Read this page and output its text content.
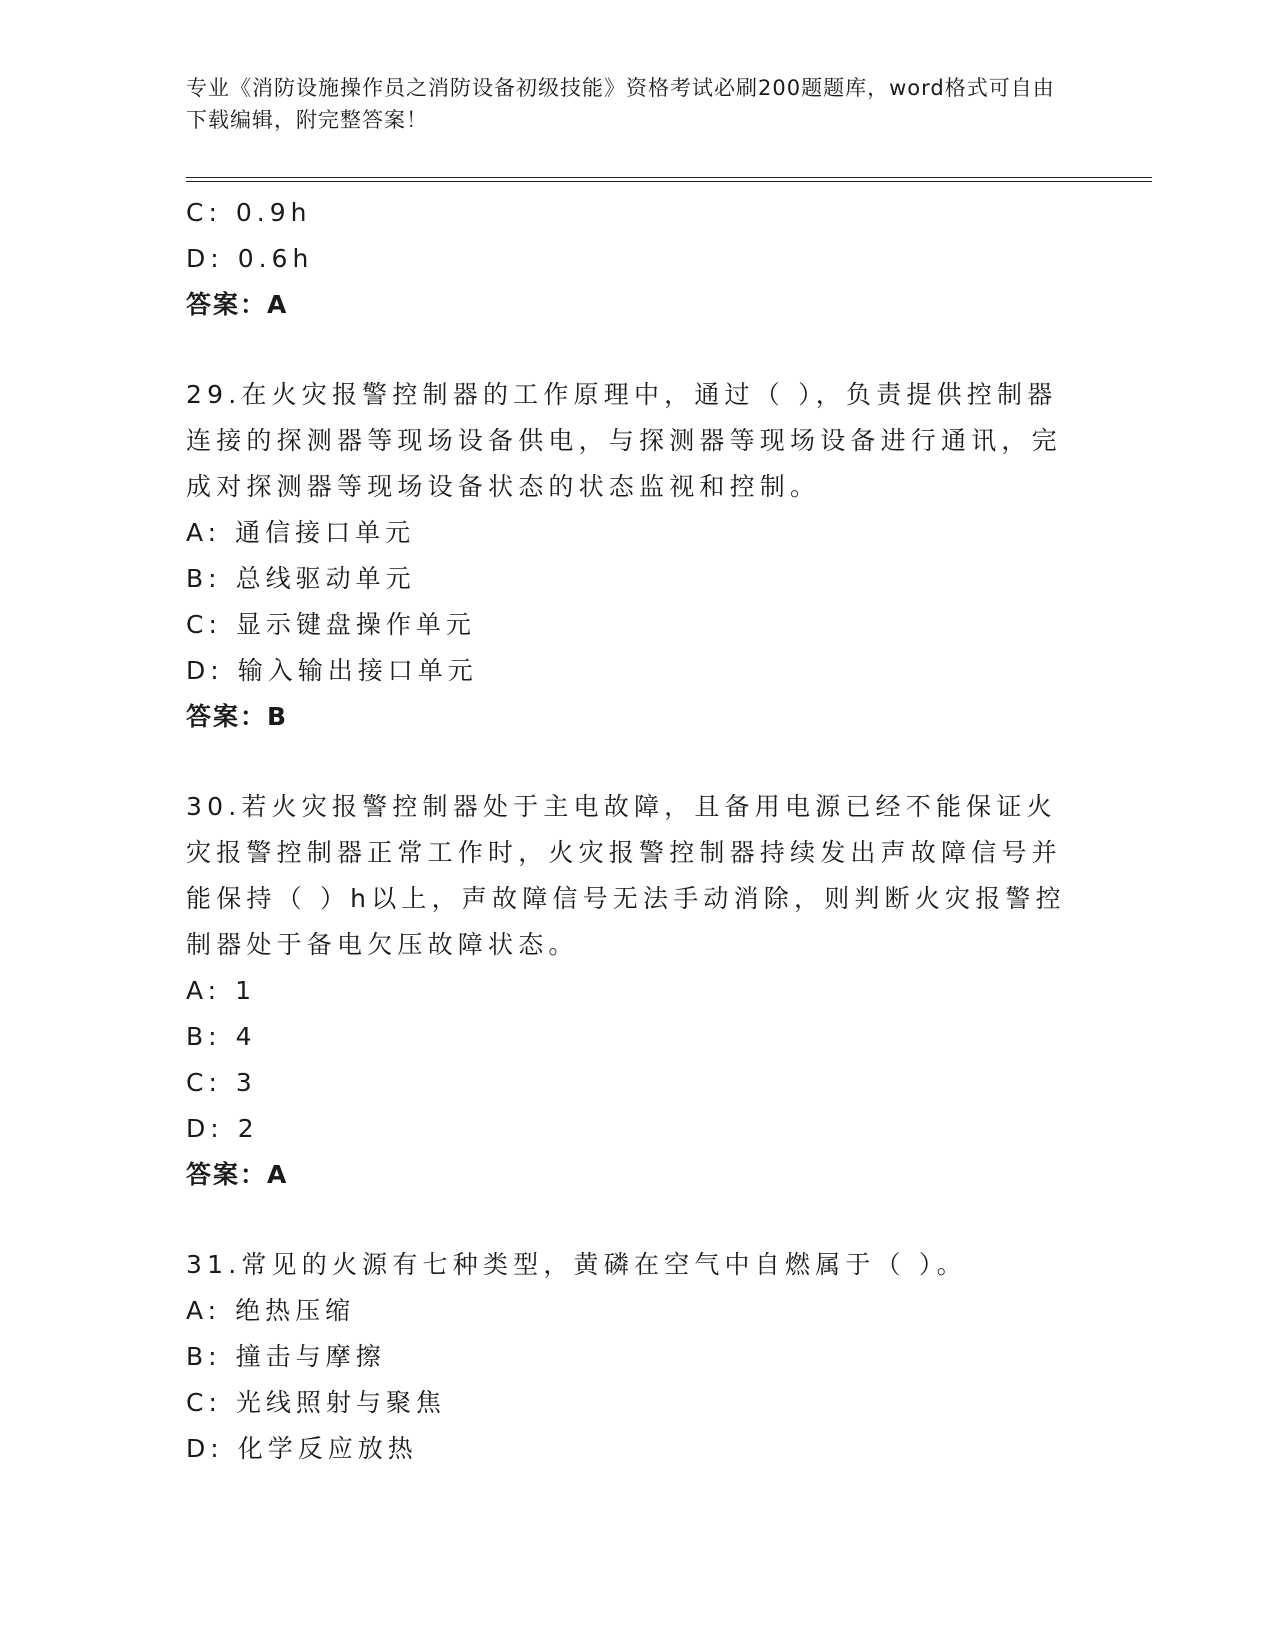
专业《消防设施操作员之消防设备初级技能》资格考试必刷200题题库，word格式可自由下载编辑，附完整答案！
C: 0.9h
D: 0.6h
答案：A
29.在火灾报警控制器的工作原理中，通过（ ），负责提供控制器连接的探测器等现场设备供电，与探测器等现场设备进行通讯，完成对探测器等现场设备状态的状态监视和控制。
A: 通信接口单元
B: 总线驱动单元
C: 显示键盘操作单元
D: 输入输出接口单元
答案：B
30.若火灾报警控制器处于主电故障，且备用电源已经不能保证火灾报警控制器正常工作时，火灾报警控制器持续发出声故障信号并能保持（ ）h以上，声故障信号无法手动消除，则判断火灾报警控制器处于备电欠压故障状态。
A: 1
B: 4
C: 3
D: 2
答案：A
31.常见的火源有七种类型，黄磷在空气中自燃属于（ ）。
A: 绝热压缩
B: 撞击与摩擦
C: 光线照射与聚焦
D: 化学反应放热
